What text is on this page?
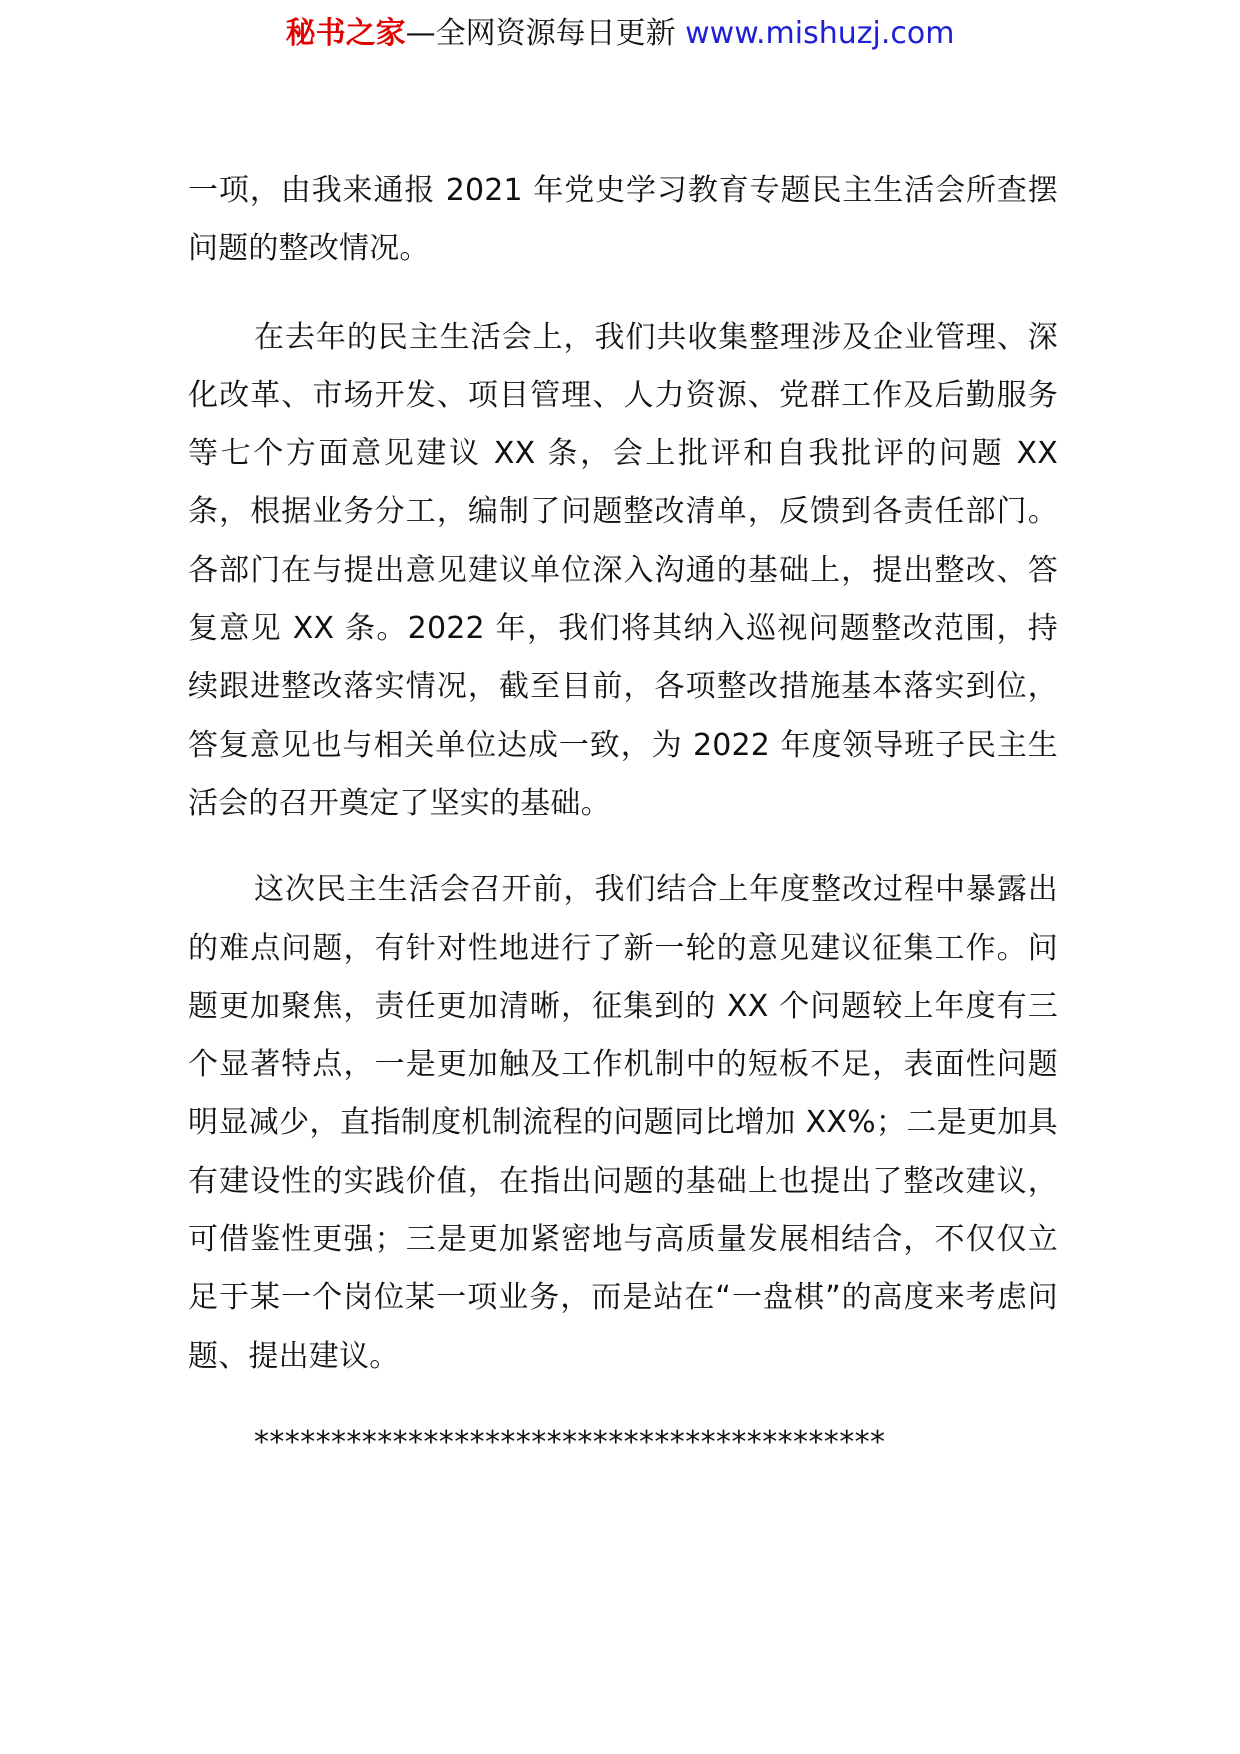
秘书之家—全网资源每日更新 www.mishuzj.com

一项，由我来通报 2021 年党史学习教育专题民主生活会所查摆问题的整改情况。

在去年的民主生活会上，我们共收集整理涉及企业管理、深化改革、市场开发、项目管理、人力资源、党群工作及后勤服务等七个方面意见建议 XX 条，会上批评和自我批评的问题 XX 条，根据业务分工，编制了问题整改清单，反馈到各责任部门。各部门在与提出意见建议单位深入沟通的基础上，提出整改、答复意见 XX 条。2022 年，我们将其纳入巡视问题整改范围，持续跟进整改落实情况，截至目前，各项整改措施基本落实到位，答复意见也与相关单位达成一致，为 2022 年度领导班子民主生活会的召开奠定了坚实的基础。

这次民主生活会召开前，我们结合上年度整改过程中暴露出的难点问题，有针对性地进行了新一轮的意见建议征集工作。问题更加聚焦，责任更加清晰，征集到的 XX 个问题较上年度有三个显著特点，一是更加触及工作机制中的短板不足，表面性问题明显减少，直指制度机制流程的问题同比增加 XX%；二是更加具有建设性的实践价值，在指出问题的基础上也提出了整改建议，可借鉴性更强；三是更加紧密地与高质量发展相结合，不仅仅立足于某一个岗位某一项业务，而是站在“一盘棋”的高度来考虑问题、提出建议。

*****************************************
